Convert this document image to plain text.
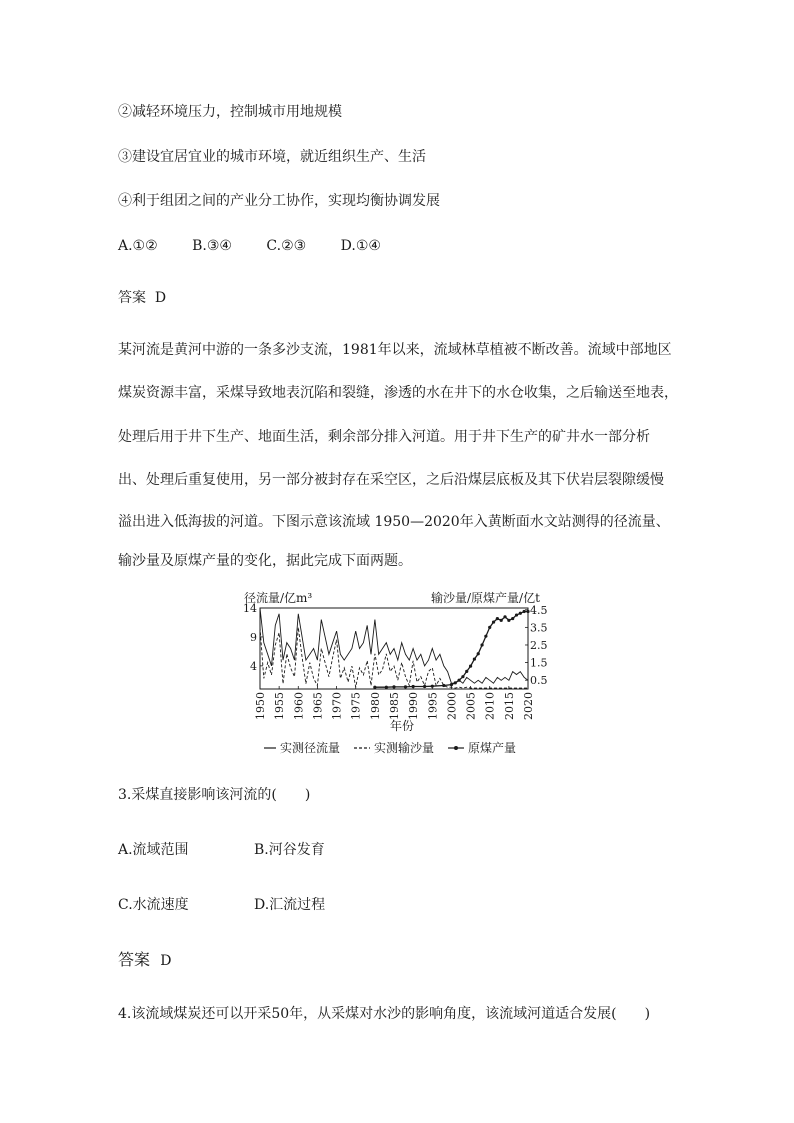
②减轻环境压力，控制城市用地规模
③建设宜居宜业的城市环境，就近组织生产、生活
④利于组团之间的产业分工协作，实现均衡协调发展
A.①② B.③④ C.②③ D.①④
答案 D
某河流是黄河中游的一条多沙支流，1981年以来，流域林草植被不断改善。流域中部地区
煤炭资源丰富，采煤导致地表沉陷和裂缝，渗透的水在井下的水仓收集，之后输送至地表，
处理后用于井下生产、地面生活，剩余部分排入河道。用于井下生产的矿井水一部分析
出、处理后重复使用，另一部分被封存在采空区，之后沿煤层底板及其下伏岩层裂隙缓慢
溢出进入低海拔的河道。下图示意该流域 1950—2020年入黄断面水文站测得的径流量、
输沙量及原煤产量的变化，据此完成下面两题。
径流量/亿m³	输沙量/原煤产量/亿t
1950 1955 1960 1965 1970 1975 1980 1985 1990 1995 2000 2005 2010 2015 2020
14
9
4
4.5
3.5
2.5
1.5
0.5
年份
实测径流量	实测输沙量	原煤产量
3.采煤直接影响该河流的(　　)
A.流域范围	B.河谷发育
C.水流速度	D.汇流过程
答案 D
4.该流域煤炭还可以开采50年，从采煤对水沙的影响角度，该流域河道适合发展(　　)
